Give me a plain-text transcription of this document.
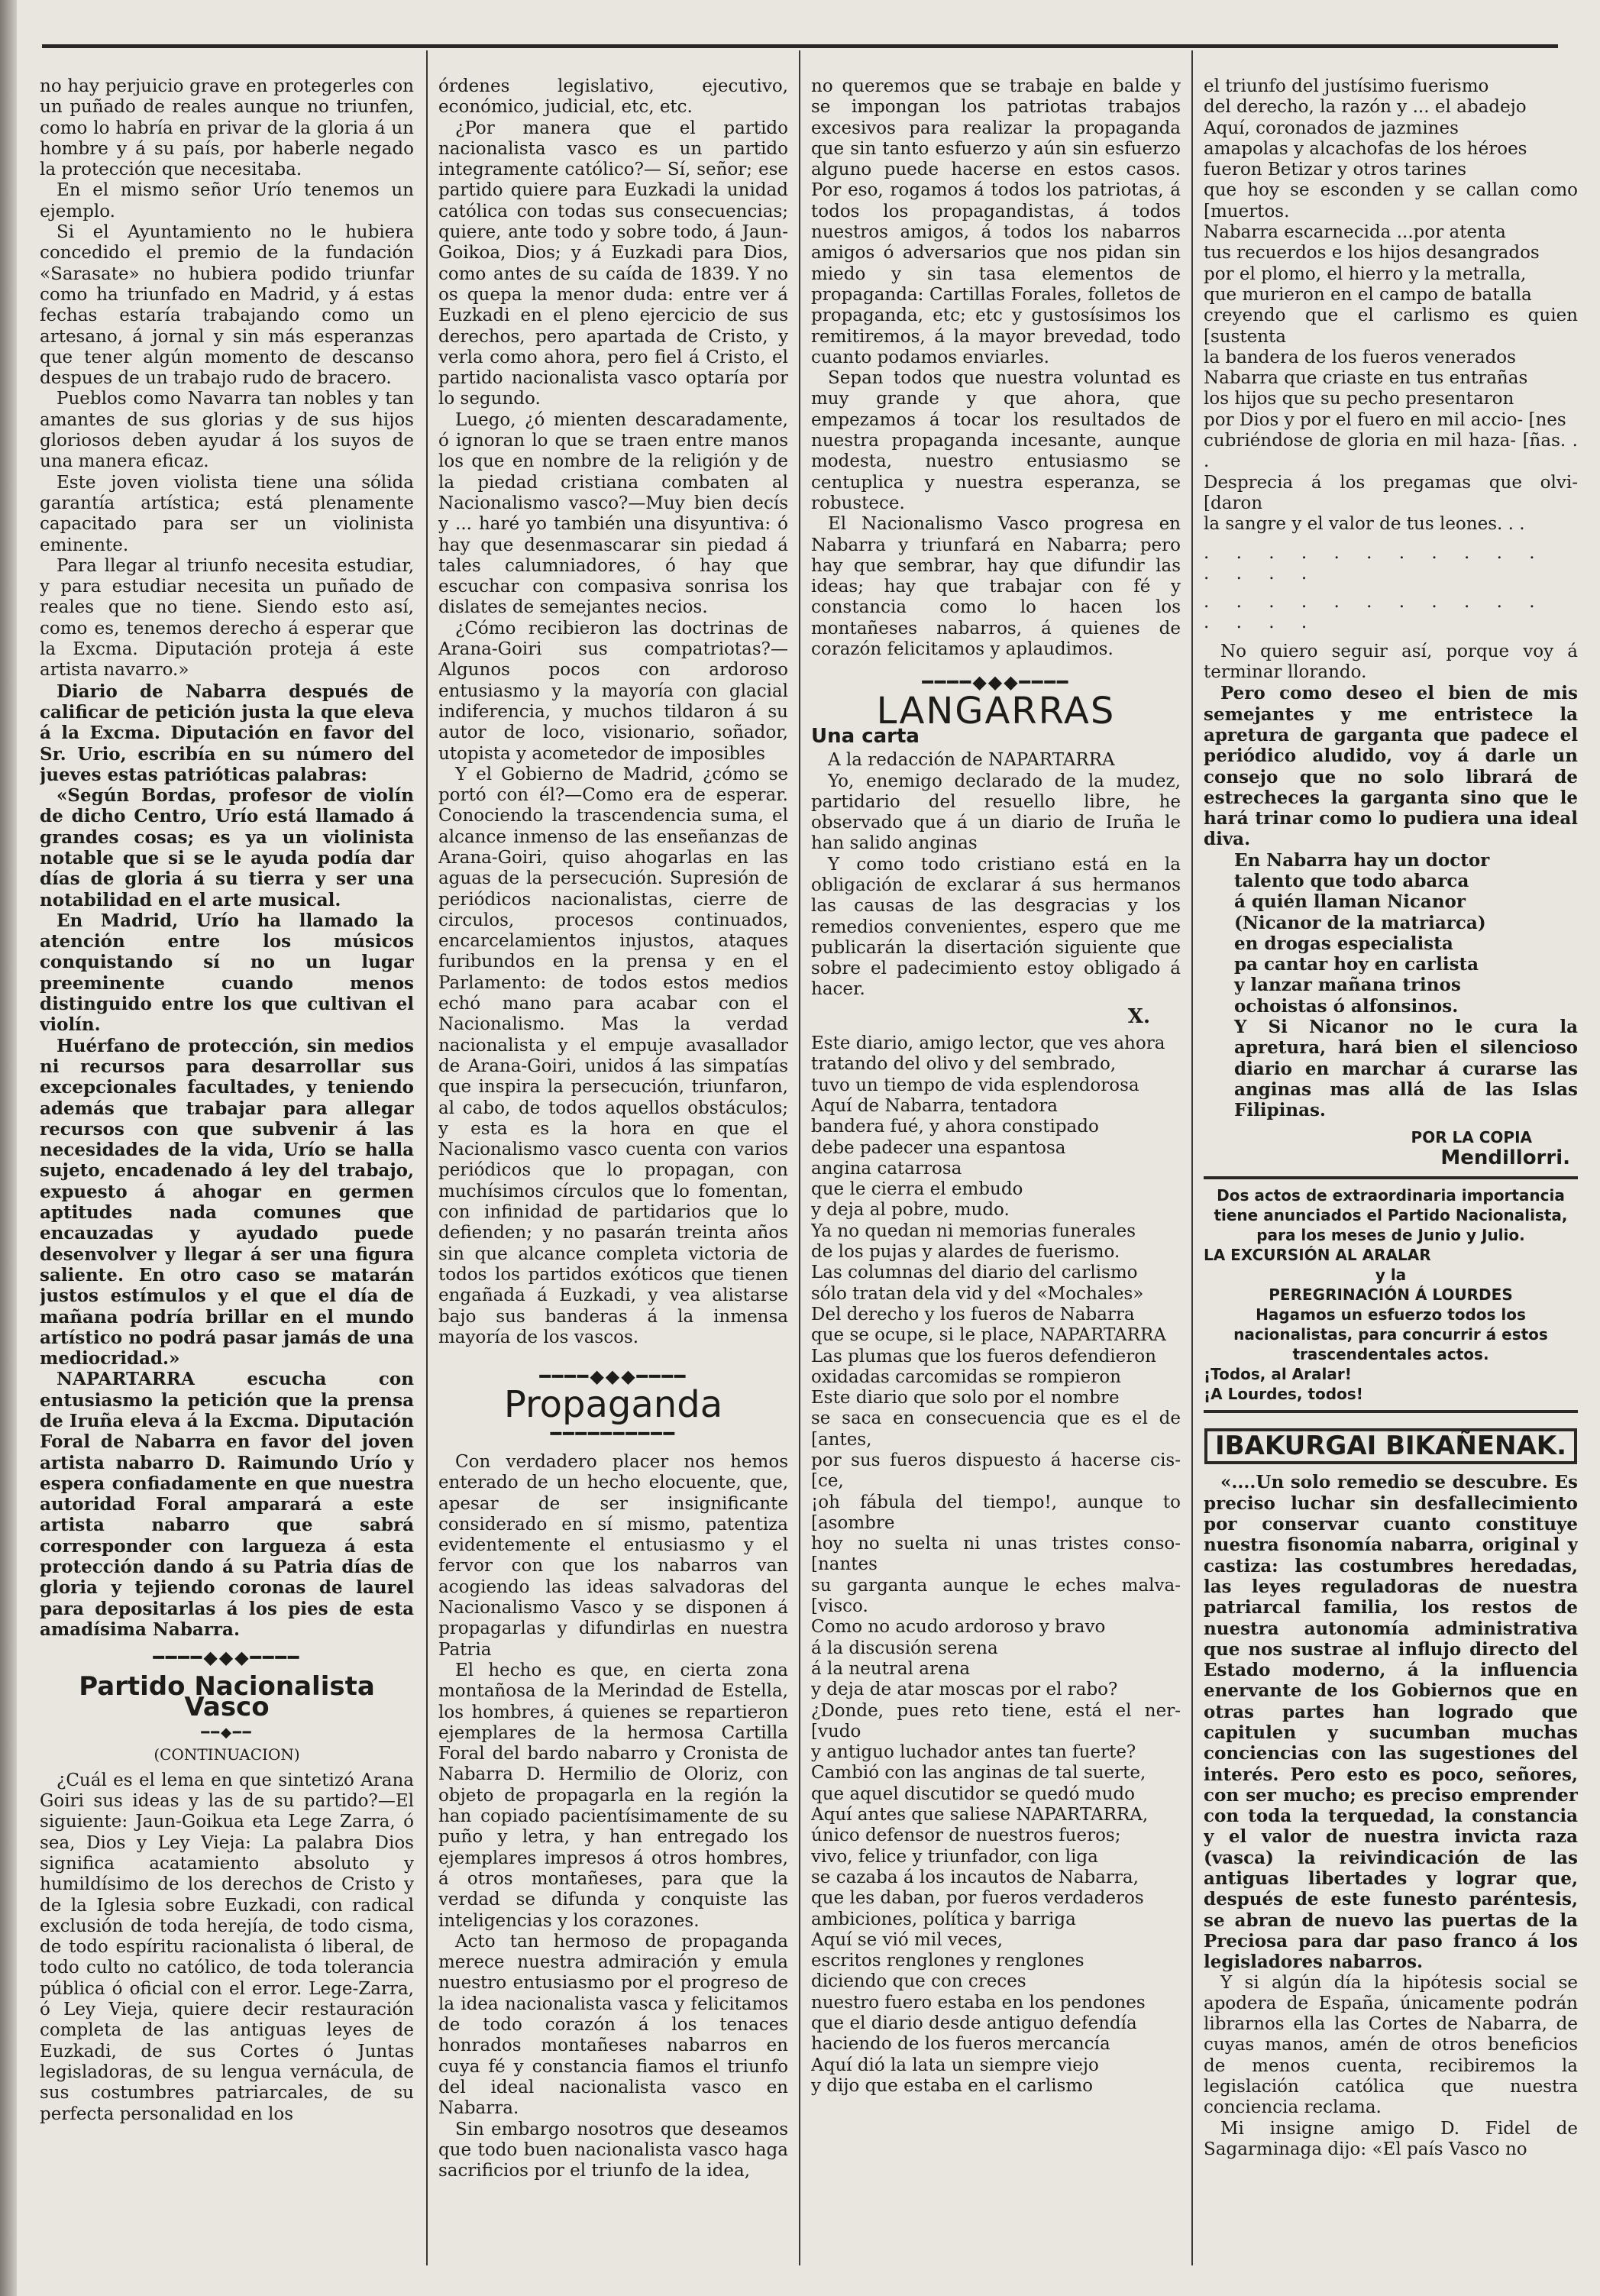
no hay perjuicio grave en protegerles con un puñado de reales aunque no triunfen, como lo habría en privar de la gloria á un hombre y á su país, por haberle negado la protección que necesitaba.

En el mismo señor Urío tenemos un ejemplo.

Si el Ayuntamiento no le hubiera concedido el premio de la fundación «Sarasate» no hubiera podido triunfar como ha triunfado en Madrid, y á estas fechas estaría trabajando como un artesano, á jornal y sin más esperanzas que tener algún momento de descanso despues de un trabajo rudo de bracero.

Pueblos como Navarra tan nobles y tan amantes de sus glorias y de sus hijos gloriosos deben ayudar á los suyos de una manera eficaz.

Este joven violista tiene una sólida garantía artística; está plenamente capacitado para ser un violinista eminente.

Para llegar al triunfo necesita estudiar, y para estudiar necesita un puñado de reales que no tiene. Siendo esto así, como es, tenemos derecho á esperar que la Excma. Diputación proteja á este artista navarro.»

Diario de Nabarra después de calificar de petición justa la que eleva á la Excma. Diputación en favor del Sr. Urio, escribía en su número del jueves estas patrióticas palabras:

«Según Bordas, profesor de violín de dicho Centro, Urío está llamado á grandes cosas; es ya un violinista notable que si se le ayuda podía dar días de gloria á su tierra y ser una notabilidad en el arte musical.

En Madrid, Urío ha llamado la atención entre los músicos conquistando sí no un lugar preeminente cuando menos distinguido entre los que cultivan el violín.

Huérfano de protección, sin medios ni recursos para desarrollar sus excepcionales facultades, y teniendo además que trabajar para allegar recursos con que subvenir á las necesidades de la vida, Urío se halla sujeto, encadenado á ley del trabajo, expuesto á ahogar en germen aptitudes nada comunes que encauzadas y ayudado puede desenvolver y llegar á ser una figura saliente. En otro caso se matarán justos estímulos y el que el día de mañana podría brillar en el mundo artístico no podrá pasar jamás de una mediocridad.»

NAPARTARRA escucha con entusiasmo la petición que la prensa de Iruña eleva á la Excma. Diputación Foral de Nabarra en favor del joven artista nabarro D. Raimundo Urío y espera confiadamente en que nuestra autoridad Foral amparará a este artista nabarro que sabrá corresponder con largueza á esta protección dando á su Patria días de gloria y tejiendo coronas de laurel para depositarlas á los pies de esta amadísima Nabarra.

━━━━◆◆◆━━━━
Partido Nacionalista Vasco
━━◆━━
(CONTINUACION)

¿Cuál es el lema en que sintetizó Arana Goiri sus ideas y las de su partido?—El siguiente: Jaun-Goikua eta Lege Zarra, ó sea, Dios y Ley Vieja: La palabra Dios significa acatamiento absoluto y humildísimo de los derechos de Cristo y de la Iglesia sobre Euzkadi, con radical exclusión de toda herejía, de todo cisma, de todo espíritu racionalista ó liberal, de todo culto no católico, de toda tolerancia pública ó oficial con el error. Lege-Zarra, ó Ley Vieja, quiere decir restauración completa de las antiguas leyes de Euzkadi, de sus Cortes ó Juntas legisladoras, de su lengua vernácula, de sus costumbres patriarcales, de su perfecta personalidad en los

órdenes legislativo, ejecutivo, económico, judicial, etc, etc.

¿Por manera que el partido nacionalista vasco es un partido integramente católico?— Sí, señor; ese partido quiere para Euzkadi la unidad católica con todas sus consecuencias; quiere, ante todo y sobre todo, á Jaun-Goikoa, Dios; y á Euzkadi para Dios, como antes de su caída de 1839. Y no os quepa la menor duda: entre ver á Euzkadi en el pleno ejercicio de sus derechos, pero apartada de Cristo, y verla como ahora, pero fiel á Cristo, el partido nacionalista vasco optaría por lo segundo.

Luego, ¿ó mienten descaradamente, ó ignoran lo que se traen entre manos los que en nombre de la religión y de la piedad cristiana combaten al Nacionalismo vasco?—Muy bien decís y ... haré yo también una disyuntiva: ó hay que desenmascarar sin piedad á tales calumniadores, ó hay que escuchar con compasiva sonrisa los dislates de semejantes necios.

¿Cómo recibieron las doctrinas de Arana-Goiri sus compatriotas?—Algunos pocos con ardoroso entusiasmo y la mayoría con glacial indiferencia, y muchos tildaron á su autor de loco, visionario, soñador, utopista y acometedor de imposibles

Y el Gobierno de Madrid, ¿cómo se portó con él?—Como era de esperar. Conociendo la trascendencia suma, el alcance inmenso de las enseñanzas de Arana-Goiri, quiso ahogarlas en las aguas de la persecución. Supresión de periódicos nacionalistas, cierre de circulos, procesos continuados, encarcelamientos injustos, ataques furibundos en la prensa y en el Parlamento: de todos estos medios echó mano para acabar con el Nacionalismo. Mas la verdad nacionalista y el empuje avasallador de Arana-Goiri, unidos á las simpatías que inspira la persecución, triunfaron, al cabo, de todos aquellos obstáculos; y esta es la hora en que el Nacionalismo vasco cuenta con varios periódicos que lo propagan, con muchísimos círculos que lo fomentan, con infinidad de partidarios que lo defienden; y no pasarán treinta años sin que alcance completa victoria de todos los partidos exóticos que tienen engañada á Euzkadi, y vea alistarse bajo sus banderas á la inmensa mayoría de los vascos.

━━━━◆◆◆━━━━
Propaganda
━━━━━━━━━━

Con verdadero placer nos hemos enterado de un hecho elocuente, que, apesar de ser insignificante considerado en sí mismo, patentiza evidentemente el entusiasmo y el fervor con que los nabarros van acogiendo las ideas salvadoras del Nacionalismo Vasco y se disponen á propagarlas y difundirlas en nuestra Patria

El hecho es que, en cierta zona montañosa de la Merindad de Estella, los hombres, á quienes se repartieron ejemplares de la hermosa Cartilla Foral del bardo nabarro y Cronista de Nabarra D. Hermilio de Oloriz, con objeto de propagarla en la región la han copiado pacientísimamente de su puño y letra, y han entregado los ejemplares impresos á otros hombres, á otros montañeses, para que la verdad se difunda y conquiste las inteligencias y los corazones.

Acto tan hermoso de propaganda merece nuestra admiración y emula nuestro entusiasmo por el progreso de la idea nacionalista vasca y felicitamos de todo corazón á los tenaces honrados montañeses nabarros en cuya fé y constancia fiamos el triunfo del ideal nacionalista vasco en Nabarra.

Sin embargo nosotros que deseamos que todo buen nacionalista vasco haga sacrificios por el triunfo de la idea,

no queremos que se trabaje en balde y se impongan los patriotas trabajos excesivos para realizar la propaganda que sin tanto esfuerzo y aún sin esfuerzo alguno puede hacerse en estos casos. Por eso, rogamos á todos los patriotas, á todos los propagandistas, á todos nuestros amigos, á todos los nabarros amigos ó adversarios que nos pidan sin miedo y sin tasa elementos de propaganda: Cartillas Forales, folletos de propaganda, etc; etc y gustosísimos los remitiremos, á la mayor brevedad, todo cuanto podamos enviarles.

Sepan todos que nuestra voluntad es muy grande y que ahora, que empezamos á tocar los resultados de nuestra propaganda incesante, aunque modesta, nuestro entusiasmo se centuplica y nuestra esperanza, se robustece.

El Nacionalismo Vasco progresa en Nabarra y triunfará en Nabarra; pero hay que sembrar, hay que difundir las ideas; hay que trabajar con fé y constancia como lo hacen los montañeses nabarros, á quienes de corazón felicitamos y aplaudimos.

━━━━◆◆◆━━━━
LANGARRAS
Una carta

A la redacción de NAPARTARRA

Yo, enemigo declarado de la mudez, partidario del resuello libre, he observado que á un diario de Iruña le han salido anginas

Y como todo cristiano está en la obligación de exclarar á sus hermanos las causas de las desgracias y los remedios convenientes, espero que me publicarán la disertación siguiente que sobre el padecimiento estoy obligado á hacer.

X.
Este diario, amigo lector, que ves ahora
tratando del olivo y del sembrado,
tuvo un tiempo de vida esplendorosa
Aquí de Nabarra, tentadora
bandera fué, y ahora constipado
debe padecer una espantosa
angina catarrosa
que le cierra el embudo
y deja al pobre, mudo.
Ya no quedan ni memorias funerales
de los pujas y alardes de fuerismo.
Las columnas del diario del carlismo
sólo tratan dela vid y del «Mochales»
Del derecho y los fueros de Nabarra
que se ocupe, si le place, NAPARTARRA
Las plumas que los fueros defendieron
oxidadas carcomidas se rompieron
Este diario que solo por el nombre
se saca en consecuencia que es el de [antes,
por sus fueros dispuesto á hacerse cis- [ce,
¡oh fábula del tiempo!, aunque to [asombre
hoy no suelta ni unas tristes conso- [nantes
su garganta aunque le eches malva- [visco.
Como no acudo ardoroso y bravo
á la discusión serena
á la neutral arena
y deja de atar moscas por el rabo?
¿Donde, pues reto tiene, está el ner- [vudo
y antiguo luchador antes tan fuerte?
Cambió con las anginas de tal suerte,
que aquel discutidor se quedó mudo
Aquí antes que saliese NAPARTARRA,
único defensor de nuestros fueros;
vivo, felice y triunfador, con liga
se cazaba á los incautos de Nabarra,
que les daban, por fueros verdaderos
ambiciones, política y barriga
Aquí se vió mil veces,
escritos renglones y renglones
diciendo que con creces
nuestro fuero estaba en los pendones
que el diario desde antiguo defendía
haciendo de los fueros mercancía
Aquí dió la lata un siempre viejo
y dijo que estaba en el carlismo
el triunfo del justísimo fuerismo
del derecho, la razón y ... el abadejo
Aquí, coronados de jazmines
amapolas y alcachofas de los héroes
fueron Betizar y otros tarines
que hoy se esconden y se callan como [muertos.
Nabarra escarnecida ...por atenta
tus recuerdos e los hijos desangrados
por el plomo, el hierro y la metralla,
que murieron en el campo de batalla
creyendo que el carlismo es quien [sustenta
la bandera de los fueros venerados
Nabarra que criaste en tus entrañas
los hijos que su pecho presentaron
por Dios y por el fuero en mil accio- [nes
cubriéndose de gloria en mil haza- [ñas. . .
Desprecia á los pregamas que olvi- [daron
la sangre y el valor de tus leones. . .
. . . . . . . . . . . . . . .
. . . . . . . . . . . . . . .

No quiero seguir así, porque voy á terminar llorando.

Pero como deseo el bien de mis semejantes y me entristece la apretura de garganta que padece el periódico aludido, voy á darle un consejo que no solo librará de estrecheces la garganta sino que le hará trinar como lo pudiera una ideal diva.

En Nabarra hay un doctor
talento que todo abarca
á quién llaman Nicanor
(Nicanor de la matriarca)
en drogas especialista
pa cantar hoy en carlista
y lanzar mañana trinos
ochoistas ó alfonsinos.
Y Si Nicanor no le cura la apretura, hará bien el silencioso diario en marchar á curarse las anginas mas allá de las Islas Filipinas.
POR LA COPIA
Mendillorri.
Dos actos de extraordinaria importancia tiene anunciados el Partido Nacionalista, para los meses de Junio y Julio.
LA EXCURSIÓN AL ARALAR
y la
PEREGRINACIÓN Á LOURDES
Hagamos un esfuerzo todos los nacionalistas, para concurrir á estos trascendentales actos.
¡Todos, al Aralar!
¡A Lourdes, todos!
IBAKURGAI BIKAÑENAK.

«....Un solo remedio se descubre. Es preciso luchar sin desfallecimiento por conservar cuanto constituye nuestra fisonomía nabarra, original y castiza: las costumbres heredadas, las leyes reguladoras de nuestra patriarcal familia, los restos de nuestra autonomía administrativa que nos sustrae al influjo directo del Estado moderno, á la influencia enervante de los Gobiernos que en otras partes han logrado que capitulen y sucumban muchas conciencias con las sugestiones del interés. Pero esto es poco, señores, con ser mucho; es preciso emprender con toda la terquedad, la constancia y el valor de nuestra invicta raza (vasca) la reivindicación de las antiguas libertades y lograr que, después de este funesto paréntesis, se abran de nuevo las puertas de la Preciosa para dar paso franco á los legisladores nabarros.

Y si algún día la hipótesis social se apodera de España, únicamente podrán librarnos ella las Cortes de Nabarra, de cuyas manos, amén de otros beneficios de menos cuenta, recibiremos la legislación católica que nuestra conciencia reclama.

Mi insigne amigo D. Fidel de Sagarminaga dijo: «El país Vasco no
